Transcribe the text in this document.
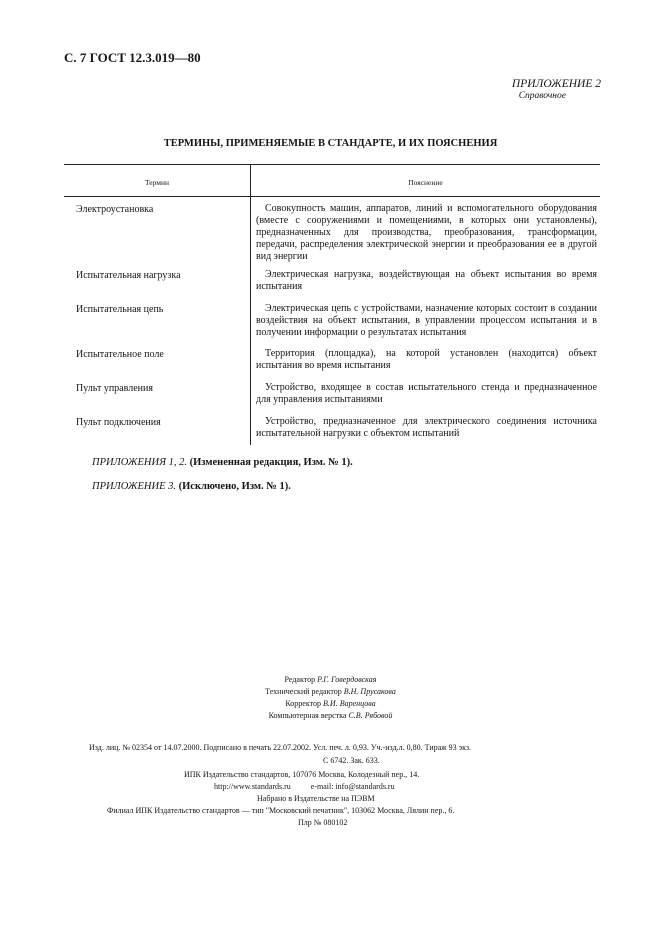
С. 7 ГОСТ 12.3.019—80
ПРИЛОЖЕНИЕ 2
Справочное
ТЕРМИНЫ, ПРИМЕНЯЕМЫЕ В СТАНДАРТЕ, И ИХ ПОЯСНЕНИЯ
Термин	Пояснение
Электроустановка	Совокупность машин, аппаратов, линий и вспомогательного оборудования (вместе с сооружениями и помещениями, в которых они установлены), предназначенных для производства, преобразования, трансформации, передачи, распределения электрической энергии и преобразования ее в другой вид энергии
Испытательная нагрузка	Электрическая нагрузка, воздействующая на объект испытания во время испытания
Испытательная цепь	Электрическая цепь с устройствами, назначение которых состоит в создании воздействия на объект испытания, в управлении процессом испытания и в получении информации о результатах испытания
Испытательное поле	Территория (площадка), на которой установлен (находится) объект испытания во время испытания
Пульт управления	Устройство, входящее в состав испытательного стенда и предназначенное для управления испытаниями
Пульт подключения	Устройство, предназначенное для электрического соединения источника испытательной нагрузки с объектом испытаний
ПРИЛОЖЕНИЯ 1, 2. (Измененная редакция, Изм. № 1).
ПРИЛОЖЕНИЕ 3. (Исключено, Изм. № 1).
Редактор Р.Г. Говердовская
Технический редактор В.Н. Прусакова
Корректор В.И. Варенцова
Компьютерная верстка С.В. Рябовой
Изд. лиц. № 02354 от 14.07.2000. Подписано в печать 22.07.2002. Усл. печ. л. 0,93. Уч.-изд.л. 0,80. Тираж 93 экз.
С 6742. Зак. 633.
ИПК Издательство стандартов, 107076 Москва, Колодезный пер., 14.
http://www.standards.ru          e-mail: info@standards.ru
Набрано в Издательстве на ПЭВМ
Филиал ИПК Издательство стандартов — тип "Московский печатник", 103062 Москва, Лялин пер., 6.
Плр № 080102
